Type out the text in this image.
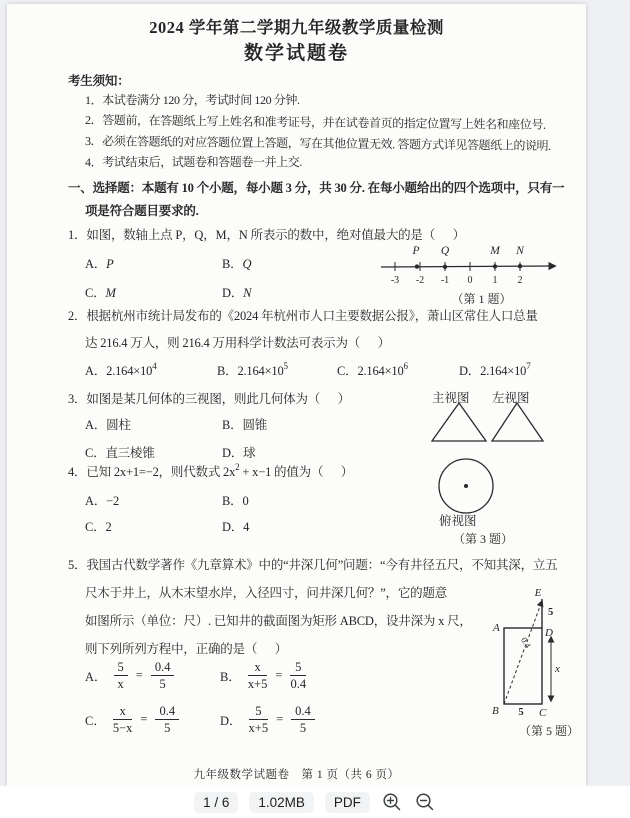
2024 学年第二学期九年级教学质量检测
数学试题卷
考生须知：
1．本试卷满分 120 分，考试时间 120 分钟.
2．答题前，在答题纸上写上姓名和准考证号，并在试卷首页的指定位置写上姓名和座位号.
3．必须在答题纸的对应答题位置上答题，写在其他位置无效. 答题方式详见答题纸上的说明.
4．考试结束后，试题卷和答题卷一并上交.
一、选择题：本题有 10 个小题，每小题 3 分，共 30 分. 在每小题给出的四个选项中，只有一
项是符合题目要求的.
1．如图，数轴上点 P，Q，M，N 所表示的数中，绝对值最大的是（      ）
A．P	B．Q
C．M	D．N
P Q	M N
-3 -2 -1 0 1 2
（第 1 题）
2．根据杭州市统计局发布的《2024 年杭州市人口主要数据公报》，萧山区常住人口总量
达 216.4 万人，则 216.4 万用科学计数法可表示为（      ）
A．$2.164\times 10^4$	B．$2.164\times 10^5$	C．$2.164\times 10^6$	D．$2.164\times 10^7$
3．如图是某几何体的三视图，则此几何体为（      ）
A．圆柱	B．圆锥
C．直三棱锥	D．球
主视图 左视图
俯视图
（第 3 题）
4．已知 2x+1=−2，则代数式 $2x^2 + x-1$ 的值为（      ）
A．−2	B．0
C．2	D．4
5．我国古代数学著作《九章算术》中的“井深几何”问题：“今有井径五尺，不知其深，立五
尺木于井上，从木末望水岸，入径四寸，问井深几何？”，它的题意
如图所示（单位：尺）. 已知井的截面图为矩形 ABCD，设井深为 x 尺，
则下列所列方程中，正确的是（      ）
E
5
A	D
0.4
x
B 5 C
（第 5 题）
A． $\frac{5}{x} = \frac{0.4}{5}$	B． $\frac{x}{x+5} = \frac{5}{0.4}$
C． $\frac{x}{5-x} = \frac{0.4}{5}$	D． $\frac{5}{x+5} = \frac{0.4}{5}$
九年级数学试题卷　第 1 页（共 6 页）
1 / 6	1.02MB	PDF
